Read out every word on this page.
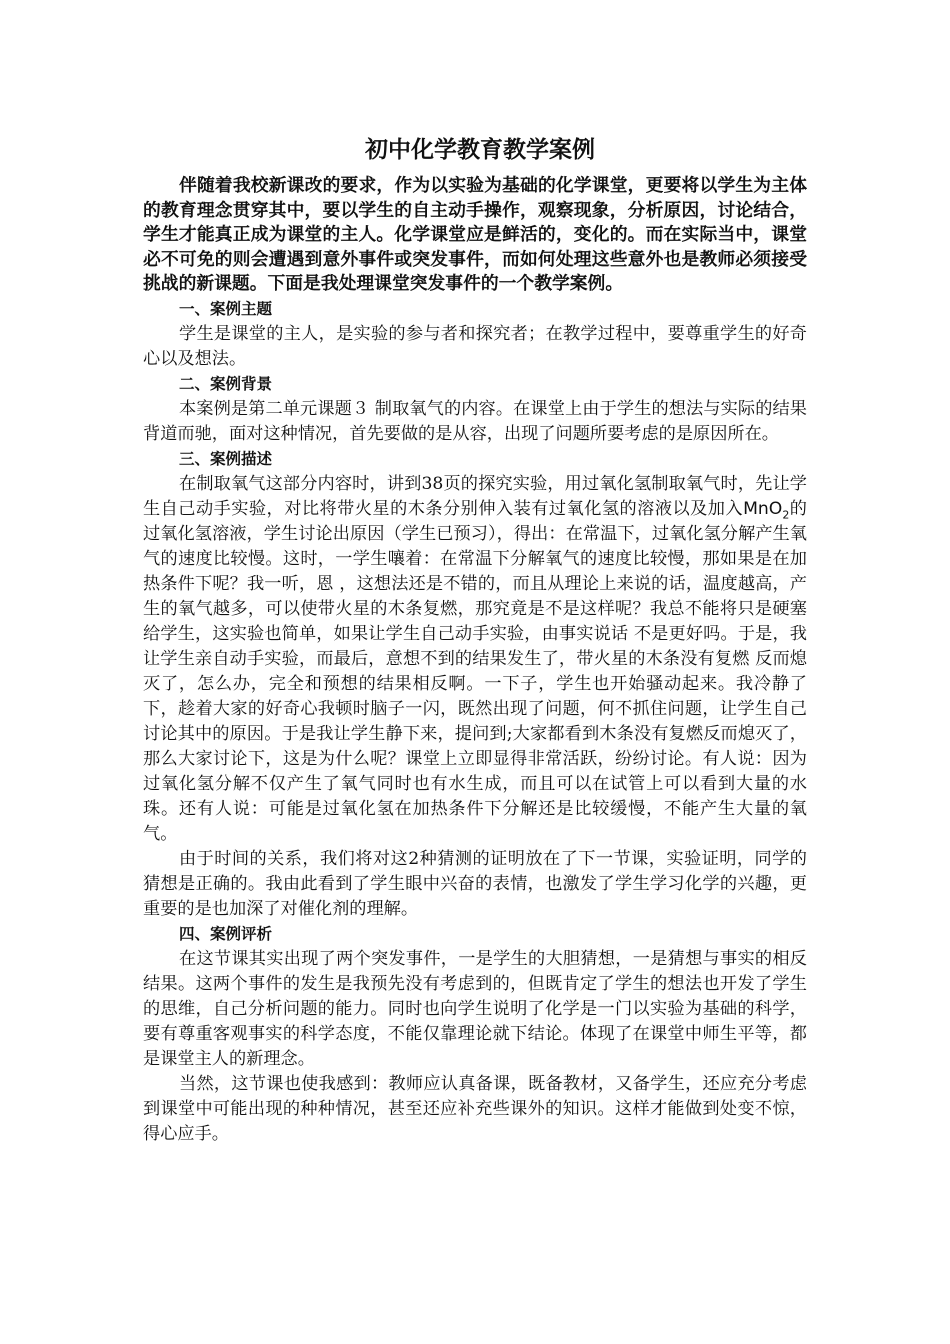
初中化学教育教学案例

伴随着我校新课改的要求，作为以实验为基础的化学课堂，更要将以学生为主体的教育理念贯穿其中，要以学生的自主动手操作，观察现象，分析原因，讨论结合，学生才能真正成为课堂的主人。化学课堂应是鲜活的，变化的。而在实际当中，课堂必不可免的则会遭遇到意外事件或突发事件，而如何处理这些意外也是教师必须接受挑战的新课题。下面是我处理课堂突发事件的一个教学案例。

一、案例主题

学生是课堂的主人，是实验的参与者和探究者；在教学过程中，要尊重学生的好奇心以及想法。

二、案例背景

本案例是第二单元课题３ 制取氧气的内容。在课堂上由于学生的想法与实际的结果背道而驰，面对这种情况，首先要做的是从容，出现了问题所要考虑的是原因所在。

三、案例描述

在制取氧气这部分内容时，讲到38页的探究实验，用过氧化氢制取氧气时，先让学生自己动手实验，对比将带火星的木条分别伸入装有过氧化氢的溶液以及加入MnO$_2$的过氧化氢溶液，学生讨论出原因（学生已预习），得出：在常温下，过氧化氢分解产生氧气的速度比较慢。这时，一学生嚷着：在常温下分解氧气的速度比较慢，那如果是在加热条件下呢？我一听，恩 ，这想法还是不错的，而且从理论上来说的话，温度越高，产生的氧气越多，可以使带火星的木条复燃，那究竟是不是这样呢？我总不能将只是硬塞给学生，这实验也简单，如果让学生自己动手实验，由事实说话 不是更好吗。于是，我让学生亲自动手实验，而最后，意想不到的结果发生了，带火星的木条没有复燃 反而熄灭了，怎么办，完全和预想的结果相反啊。一下子，学生也开始骚动起来。我冷静了下，趁着大家的好奇心我顿时脑子一闪，既然出现了问题，何不抓住问题，让学生自己讨论其中的原因。于是我让学生静下来，提问到;大家都看到木条没有复燃反而熄灭了，那么大家讨论下，这是为什么呢？课堂上立即显得非常活跃，纷纷讨论。有人说：因为过氧化氢分解不仅产生了氧气同时也有水生成，而且可以在试管上可以看到大量的水珠。还有人说：可能是过氧化氢在加热条件下分解还是比较缓慢，不能产生大量的氧气。

由于时间的关系，我们将对这2种猜测的证明放在了下一节课，实验证明，同学的猜想是正确的。我由此看到了学生眼中兴奋的表情，也激发了学生学习化学的兴趣，更重要的是也加深了对催化剂的理解。

四、案例评析

在这节课其实出现了两个突发事件，一是学生的大胆猜想，一是猜想与事实的相反结果。这两个事件的发生是我预先没有考虑到的，但既肯定了学生的想法也开发了学生的思维，自己分析问题的能力。同时也向学生说明了化学是一门以实验为基础的科学，要有尊重客观事实的科学态度，不能仅靠理论就下结论。体现了在课堂中师生平等，都是课堂主人的新理念。

当然，这节课也使我感到：教师应认真备课，既备教材，又备学生，还应充分考虑到课堂中可能出现的种种情况，甚至还应补充些课外的知识。这样才能做到处变不惊，得心应手。
